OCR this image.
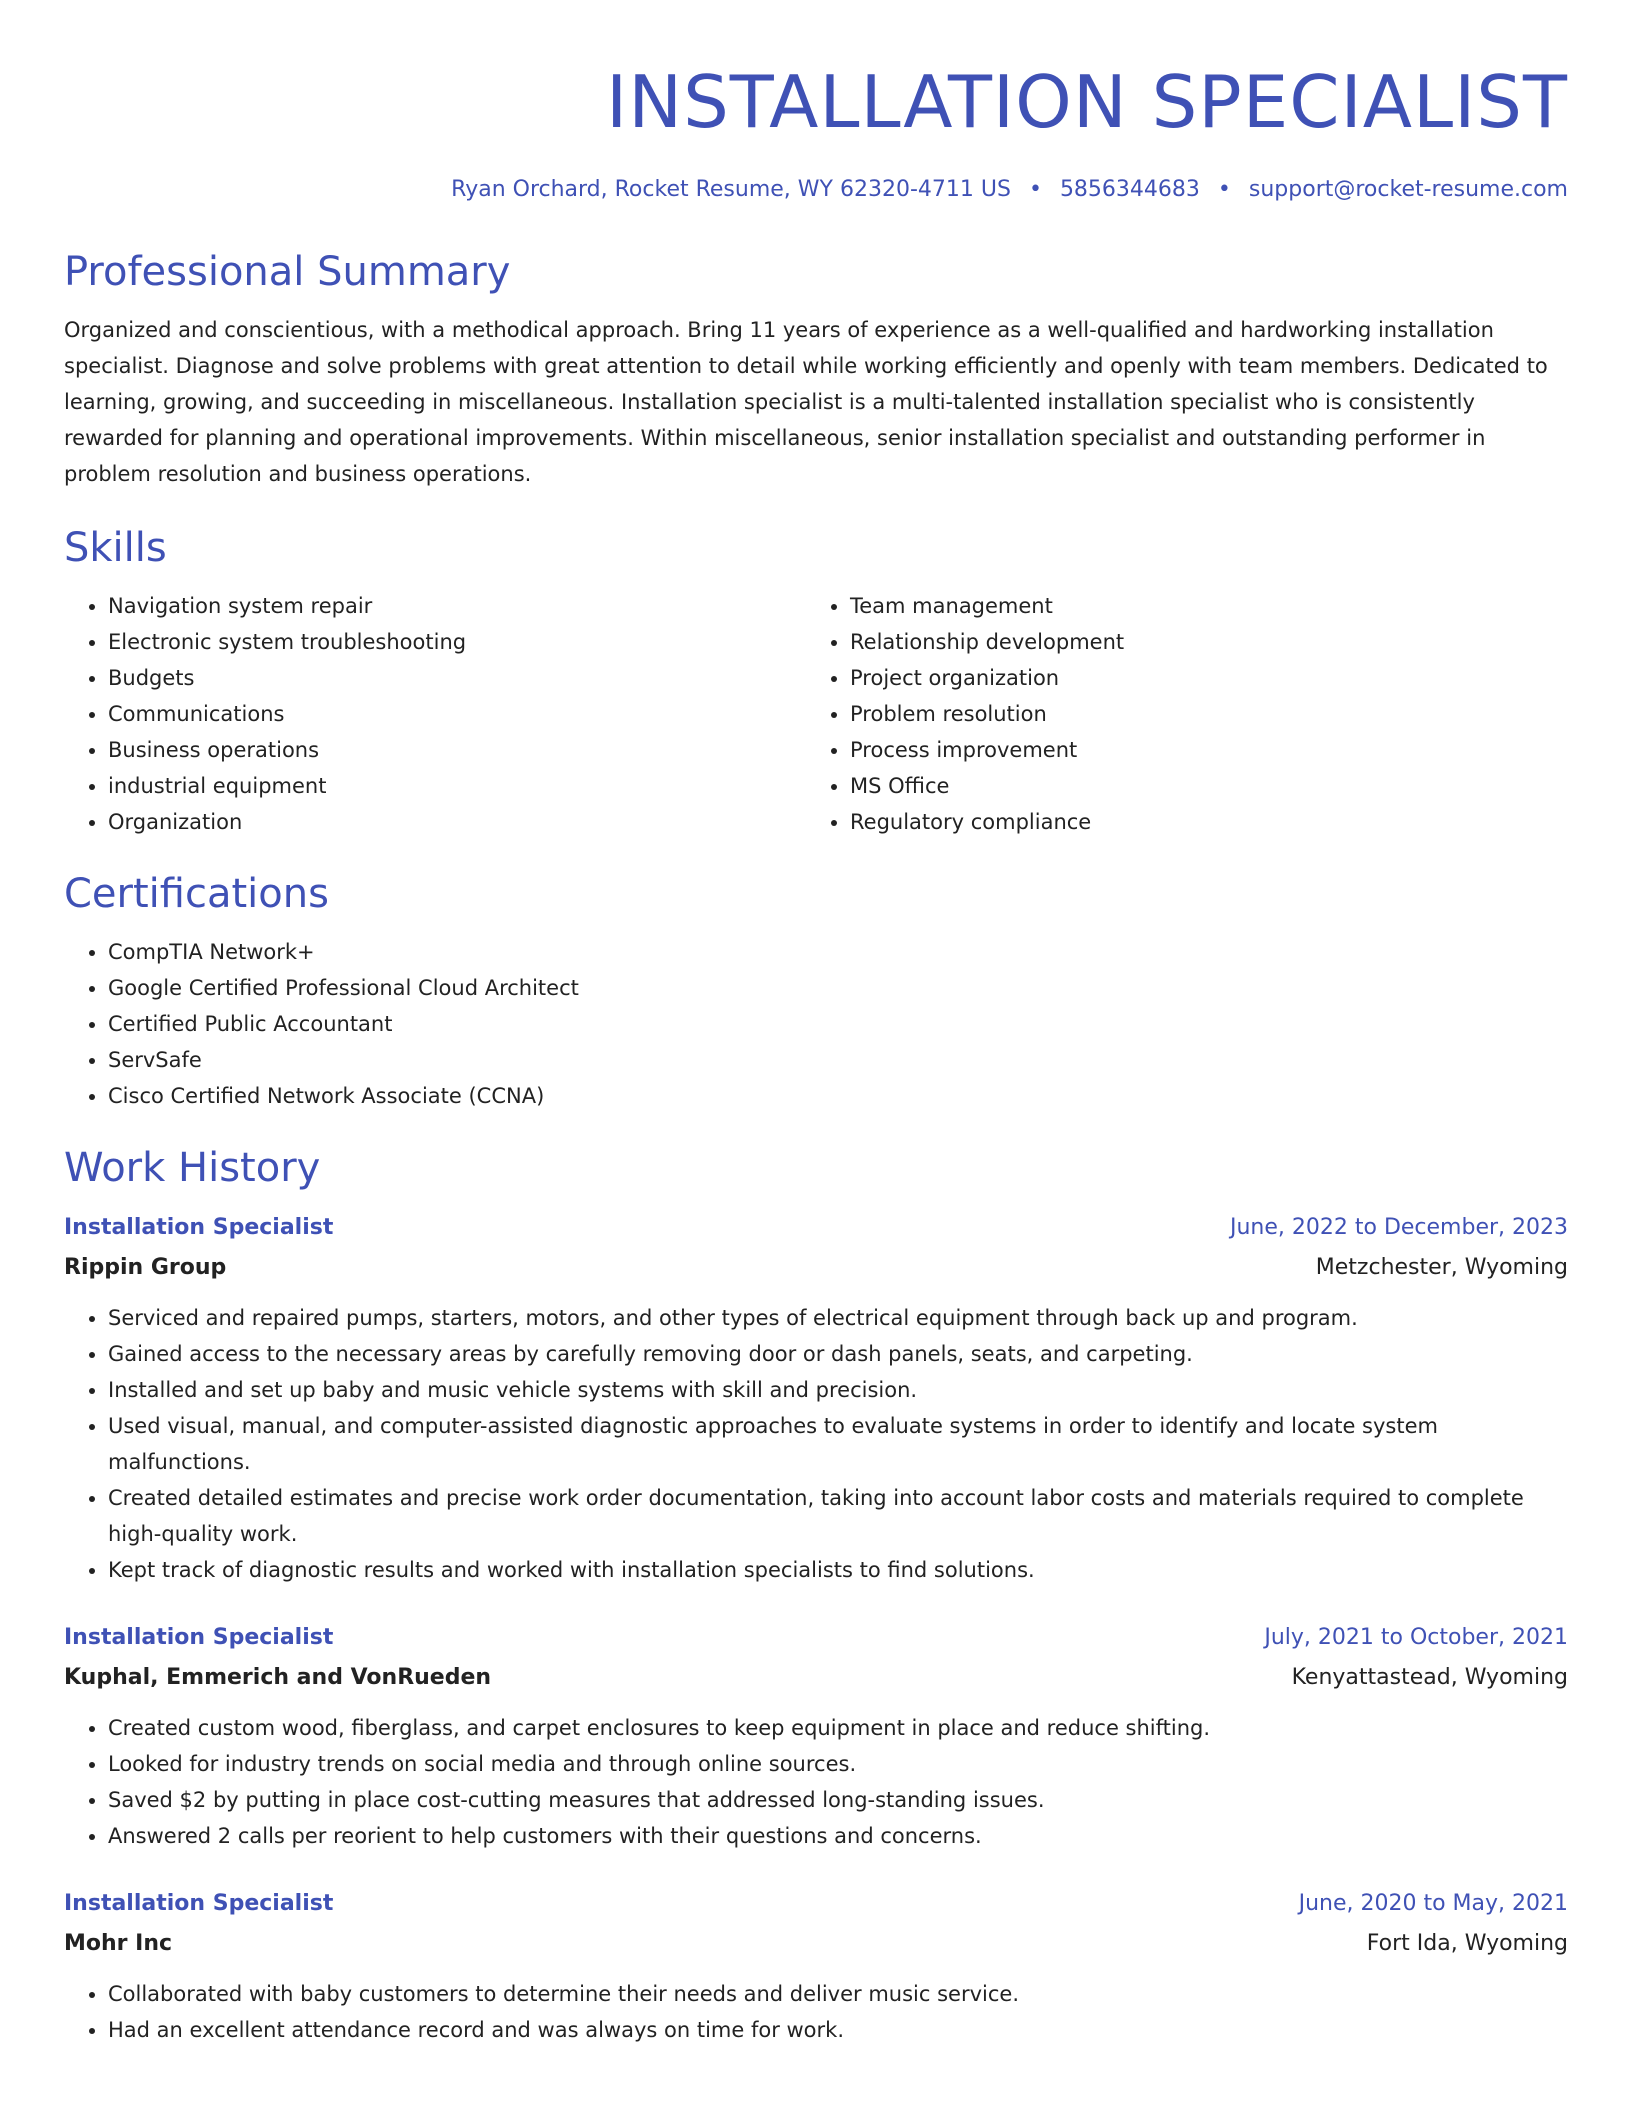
INSTALLATION SPECIALIST
Ryan Orchard, Rocket Resume, WY 62320-4711 US • 5856344683 • support@rocket-resume.com
Professional Summary
Organized and conscientious, with a methodical approach. Bring 11 years of experience as a well-qualified and hardworking installation specialist. Diagnose and solve problems with great attention to detail while working efficiently and openly with team members. Dedicated to learning, growing, and succeeding in miscellaneous. Installation specialist is a multi-talented installation specialist who is consistently rewarded for planning and operational improvements. Within miscellaneous, senior installation specialist and outstanding performer in problem resolution and business operations.
Skills
• Navigation system repair
• Electronic system troubleshooting
• Budgets
• Communications
• Business operations
• industrial equipment
• Organization
• Team management
• Relationship development
• Project organization
• Problem resolution
• Process improvement
• MS Office
• Regulatory compliance
Certifications
• CompTIA Network+
• Google Certified Professional Cloud Architect
• Certified Public Accountant
• ServSafe
• Cisco Certified Network Associate (CCNA)
Work History
Installation Specialist	June, 2022 to December, 2023
Rippin Group	Metzchester, Wyoming
• Serviced and repaired pumps, starters, motors, and other types of electrical equipment through back up and program.
• Gained access to the necessary areas by carefully removing door or dash panels, seats, and carpeting.
• Installed and set up baby and music vehicle systems with skill and precision.
• Used visual, manual, and computer-assisted diagnostic approaches to evaluate systems in order to identify and locate system malfunctions.
• Created detailed estimates and precise work order documentation, taking into account labor costs and materials required to complete high-quality work.
• Kept track of diagnostic results and worked with installation specialists to find solutions.
Installation Specialist	July, 2021 to October, 2021
Kuphal, Emmerich and VonRueden	Kenyattastead, Wyoming
• Created custom wood, fiberglass, and carpet enclosures to keep equipment in place and reduce shifting.
• Looked for industry trends on social media and through online sources.
• Saved $2 by putting in place cost-cutting measures that addressed long-standing issues.
• Answered 2 calls per reorient to help customers with their questions and concerns.
Installation Specialist	June, 2020 to May, 2021
Mohr Inc	Fort Ida, Wyoming
• Collaborated with baby customers to determine their needs and deliver music service.
• Had an excellent attendance record and was always on time for work.
